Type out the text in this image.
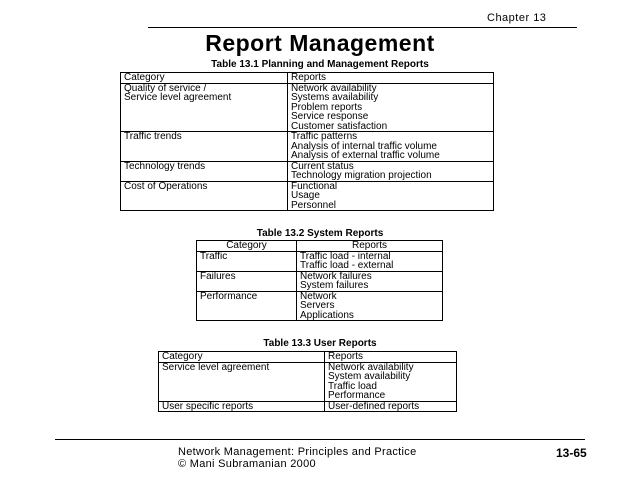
Chapter 13
Report Management
Table 13.1 Planning and Management Reports
Category	Reports

Quality of service /
Service level agreement	Network availability
Systems availability
Problem reports
Service response
Customer satisfaction

Traffic trends	Traffic patterns
Analysis of internal traffic volume
Analysis of external traffic volume

Technology trends	Current status
Technology migration projection

Cost of Operations	Functional
Usage
Personnel
Table 13.2 System Reports
Category	Reports

Traffic	Traffic load - internal
Traffic load - external

Failures	Network failures
System failures

Performance	Network
Servers
Applications
Table 13.3 User Reports
Category	Reports

Service level agreement	Network availability
System availability
Traffic load
Performance

User specific reports	User-defined reports
Network Management: Principles and Practice
© Mani Subramanian 2000
13-65
